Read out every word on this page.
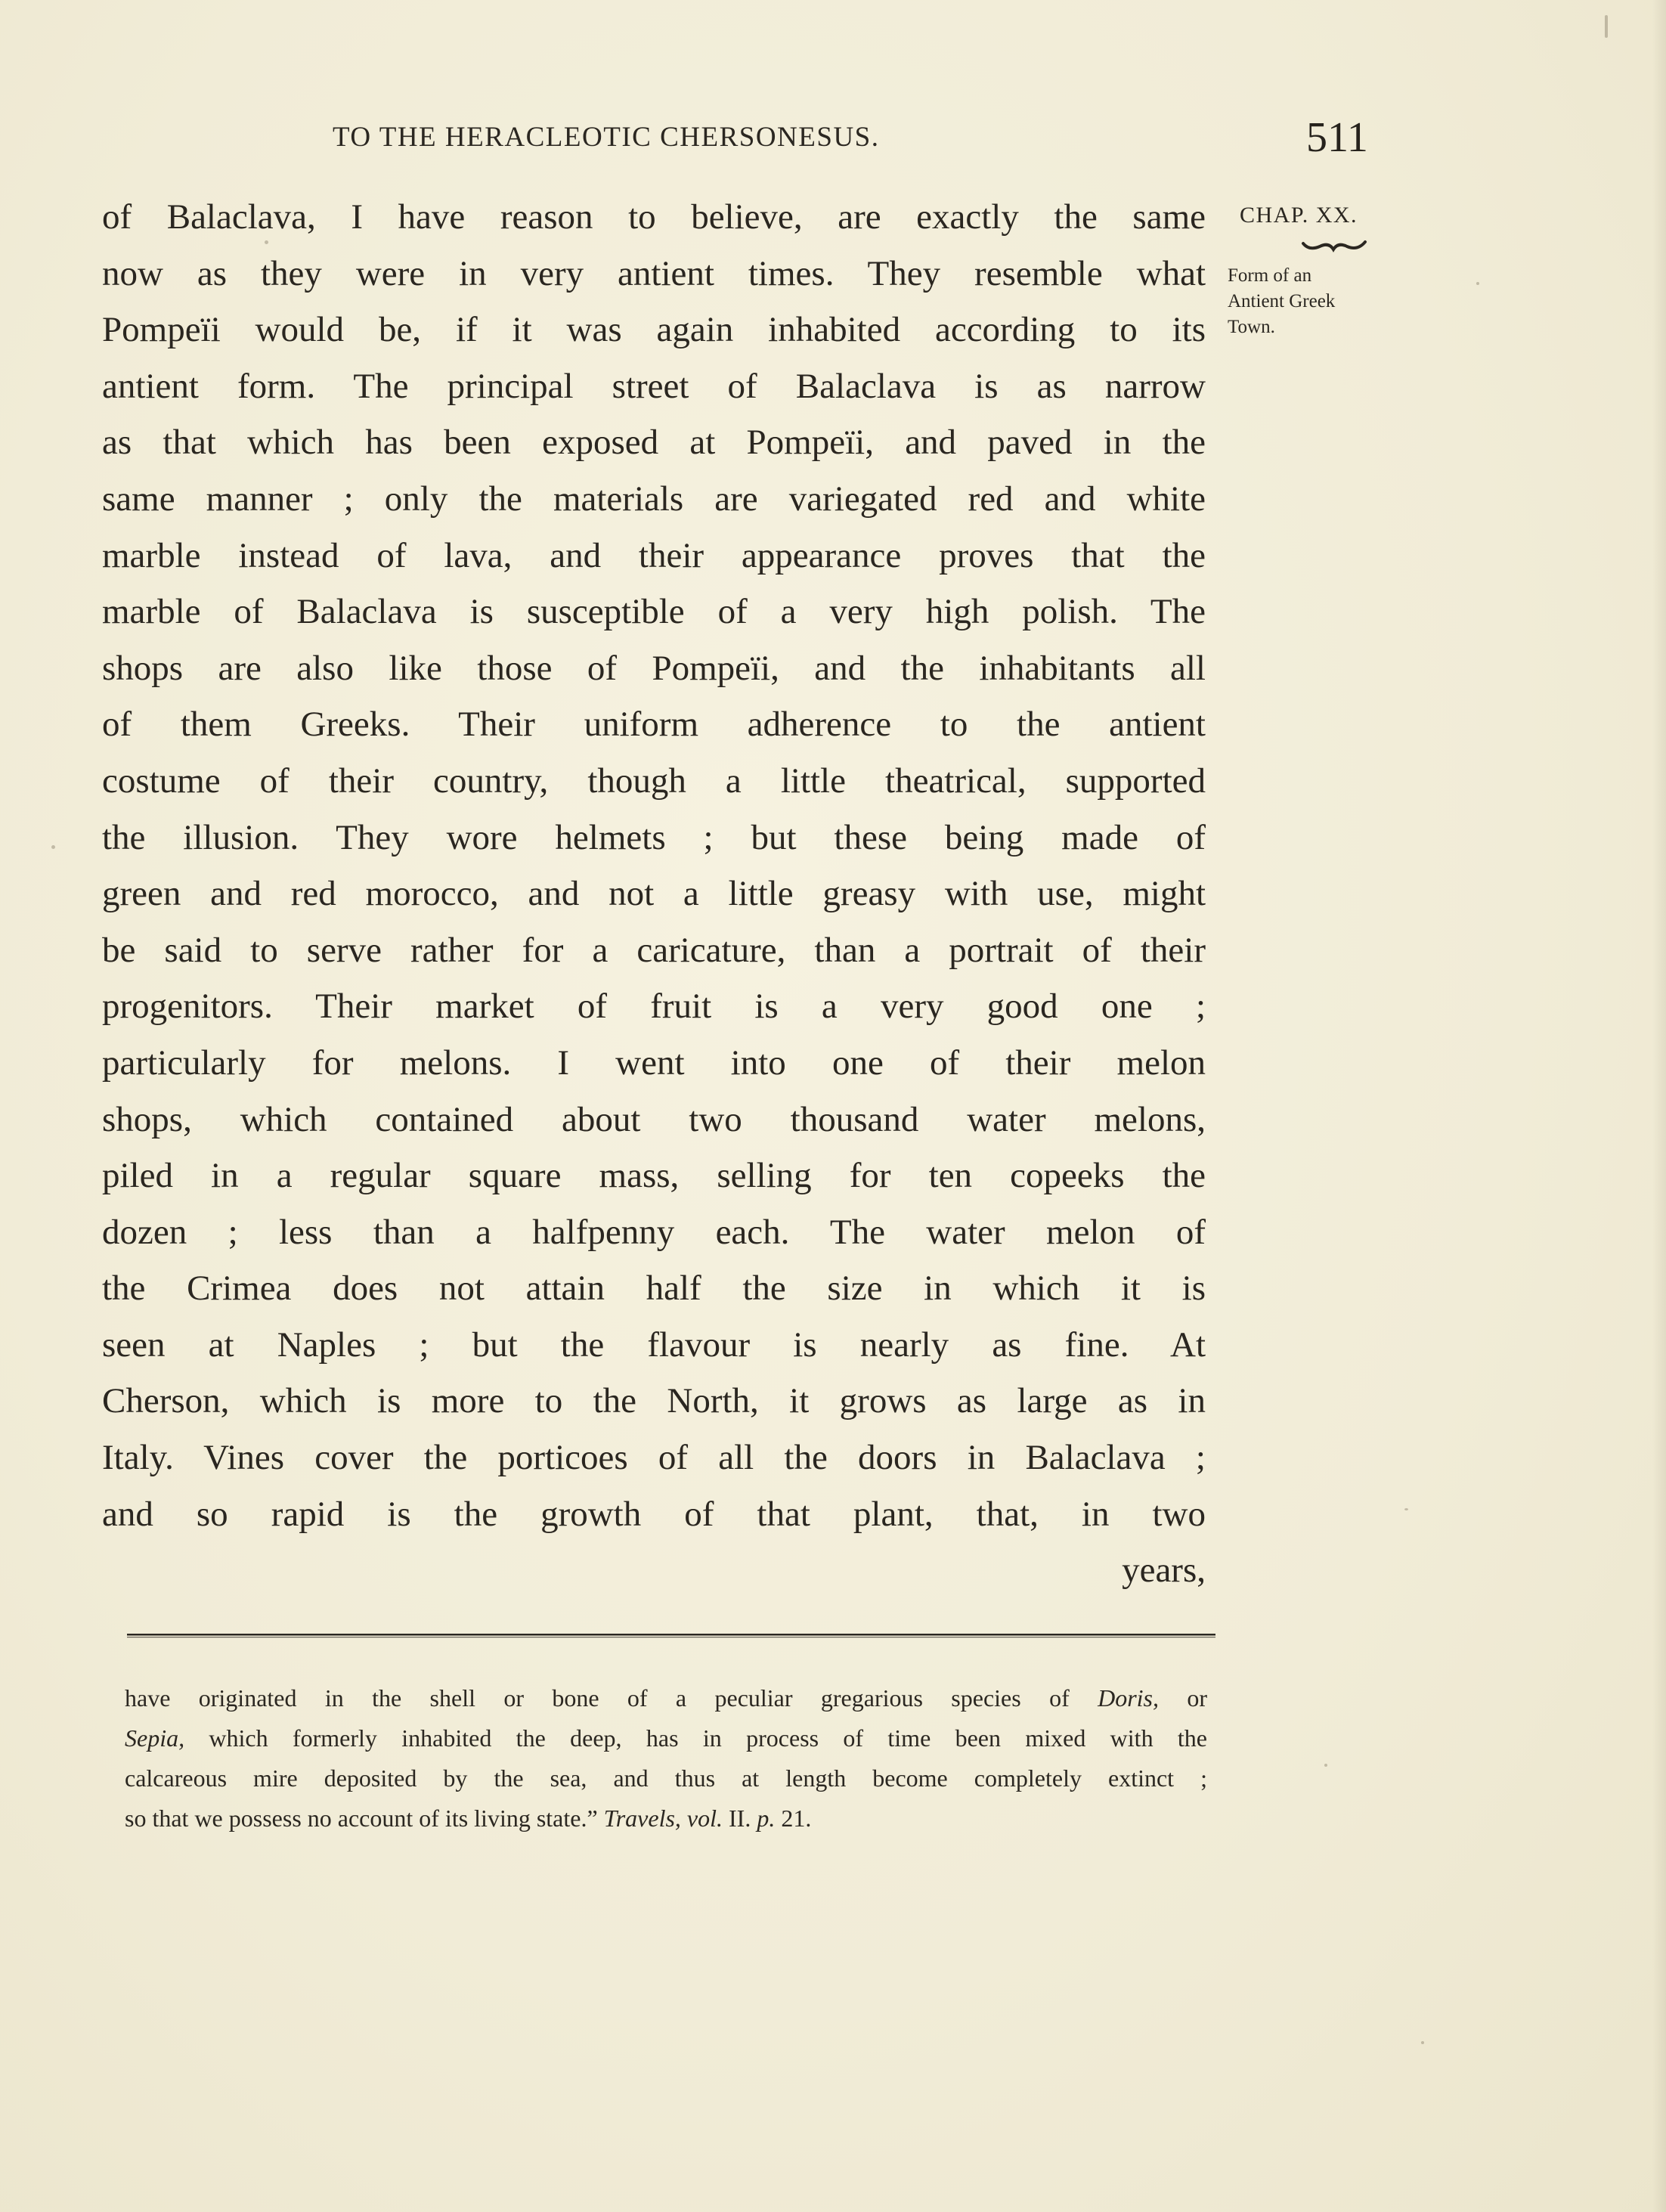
TO THE HERACLEOTIC CHERSONESUS.	511
CHAP. XX.
Form of an
Antient Greek
Town.
of Balaclava, I have reason to believe, are exactly the same
now as they were in very antient times. They resemble what
Pompeïi would be, if it was again inhabited according to its
antient form. The principal street of Balaclava is as narrow
as that which has been exposed at Pompeïi, and paved in the
same manner ; only the materials are variegated red and white
marble instead of lava, and their appearance proves that the
marble of Balaclava is susceptible of a very high polish. The
shops are also like those of Pompeïi, and the inhabitants all
of them Greeks. Their uniform adherence to the antient
costume of their country, though a little theatrical, supported
the illusion. They wore helmets ; but these being made of
green and red morocco, and not a little greasy with use, might
be said to serve rather for a caricature, than a portrait of their
progenitors. Their market of fruit is a very good one ;
particularly for melons. I went into one of their melon
shops, which contained about two thousand water melons,
piled in a regular square mass, selling for ten copeeks the
dozen ; less than a halfpenny each. The water melon of
the Crimea does not attain half the size in which it is
seen at Naples ; but the flavour is nearly as fine. At
Cherson, which is more to the North, it grows as large as in
Italy. Vines cover the porticoes of all the doors in Balaclava ;
and so rapid is the growth of that plant, that, in two
years,
have originated in the shell or bone of a peculiar gregarious species of Doris, or
Sepia, which formerly inhabited the deep, has in process of time been mixed with the
calcareous mire deposited by the sea, and thus at length become completely extinct ;
so that we possess no account of its living state.” Travels, vol. II. p. 21.
